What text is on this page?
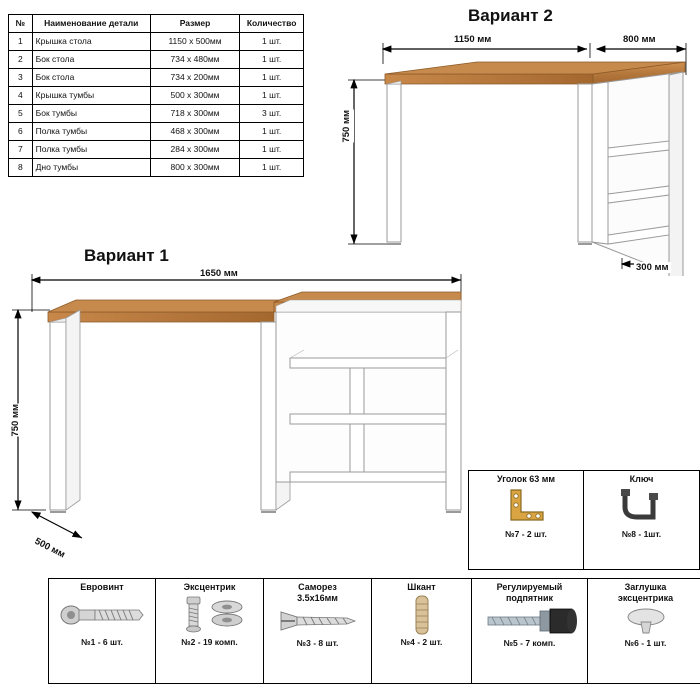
№	Наименование детали	Размер	Количество
1	Крышка стола	1150 x 500мм	1 шт.
2	Бок стола	734 х 480мм	1 шт.
3	Бок стола	734 х 200мм	1 шт.
4	Крышка тумбы	500 х 300мм	1 шт.
5	Бок тумбы	718 х 300мм	3 шт.
6	Полка тумбы	468 х 300мм	1 шт.
7	Полка тумбы	284 х 300мм	1 шт.
8	Дно тумбы	800 х 300мм	1 шт.
Вариант 2
1150 мм	800 мм
750 мм
300 мм
Вариант 1
1650 мм
750 мм
500 мм
Уголок 63 мм
№7 - 2 шт.
Ключ
№8 - 1шт.
Евровинт
№1 - 6 шт.
Эксцентрик
№2 - 19 комп.
Саморез
3.5x16мм
№3 - 8 шт.
Шкант
№4 - 2 шт.
Регулируемый
подпятник
№5 - 7 комп.
Заглушка
эксцентрика
№6 - 1 шт.
